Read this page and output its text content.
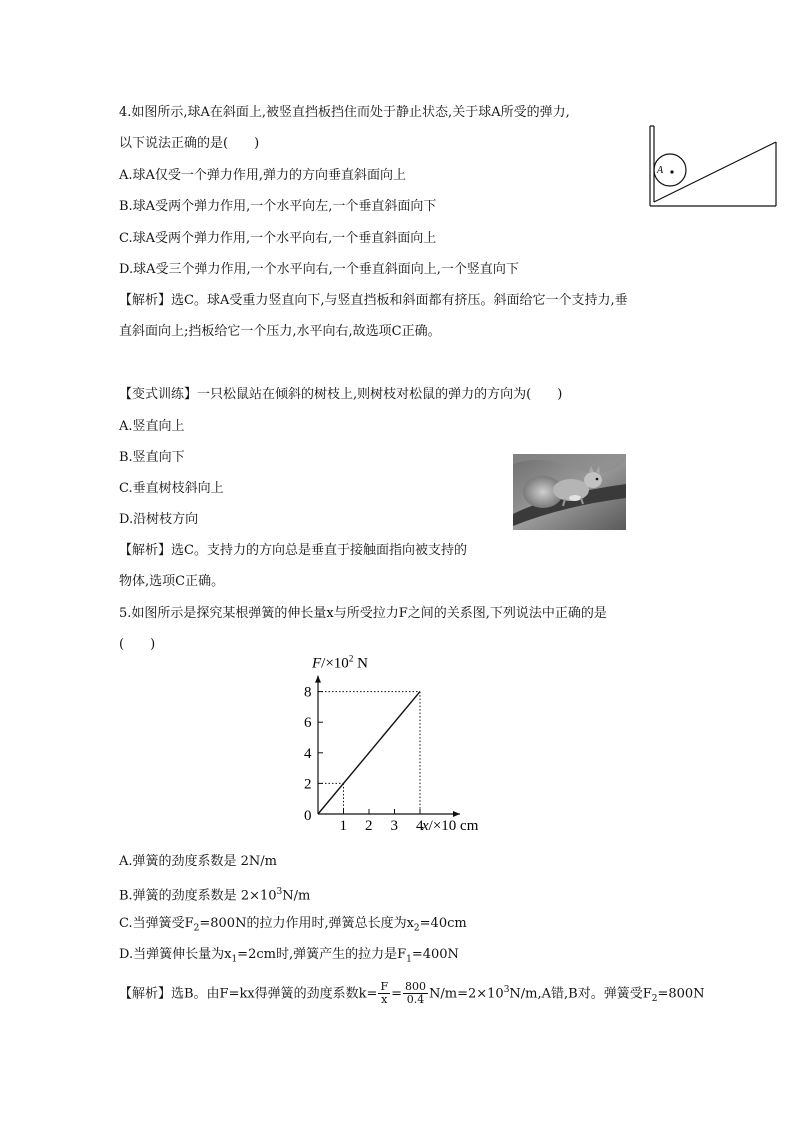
4.如图所示,球A在斜面上,被竖直挡板挡住而处于静止状态,关于球A所受的弹力,
以下说法正确的是(　　)
A.球A仅受一个弹力作用,弹力的方向垂直斜面向上
B.球A受两个弹力作用,一个水平向左,一个垂直斜面向下
C.球A受两个弹力作用,一个水平向右,一个垂直斜面向上
D.球A受三个弹力作用,一个水平向右,一个垂直斜面向上,一个竖直向下
【解析】选C。球A受重力竖直向下,与竖直挡板和斜面都有挤压。斜面给它一个支持力,垂
直斜面向上;挡板给它一个压力,水平向右,故选项C正确。
A
【变式训练】一只松鼠站在倾斜的树枝上,则树枝对松鼠的弹力的方向为(　　)
A.竖直向上
B.竖直向下
C.垂直树枝斜向上
D.沿树枝方向
【解析】选C。支持力的方向总是垂直于接触面指向被支持的
物体,选项C正确。
5.如图所示是探究某根弹簧的伸长量x与所受拉力F之间的关系图,下列说法中正确的是
(　　)
$F/\times 10^2$ N
x/×10 cm
0
1 2 3 4
2
4
6
8
A.弹簧的劲度系数是 2N/m
B.弹簧的劲度系数是 $2\times 10^3N/m$
C.当弹簧受$F_2=800N$的拉力作用时,弹簧总长度为$x_2=40cm$
D.当弹簧伸长量为$x_1=2cm$时,弹簧产生的拉力是$F_1=400N$
【解析】选B。由F=kx得弹簧的劲度系数$k= \frac{F}{x} = \frac{800}{0.4} N/m=2\times 10^3N/m,A$错,B对。弹簧受$F_2=800N$
